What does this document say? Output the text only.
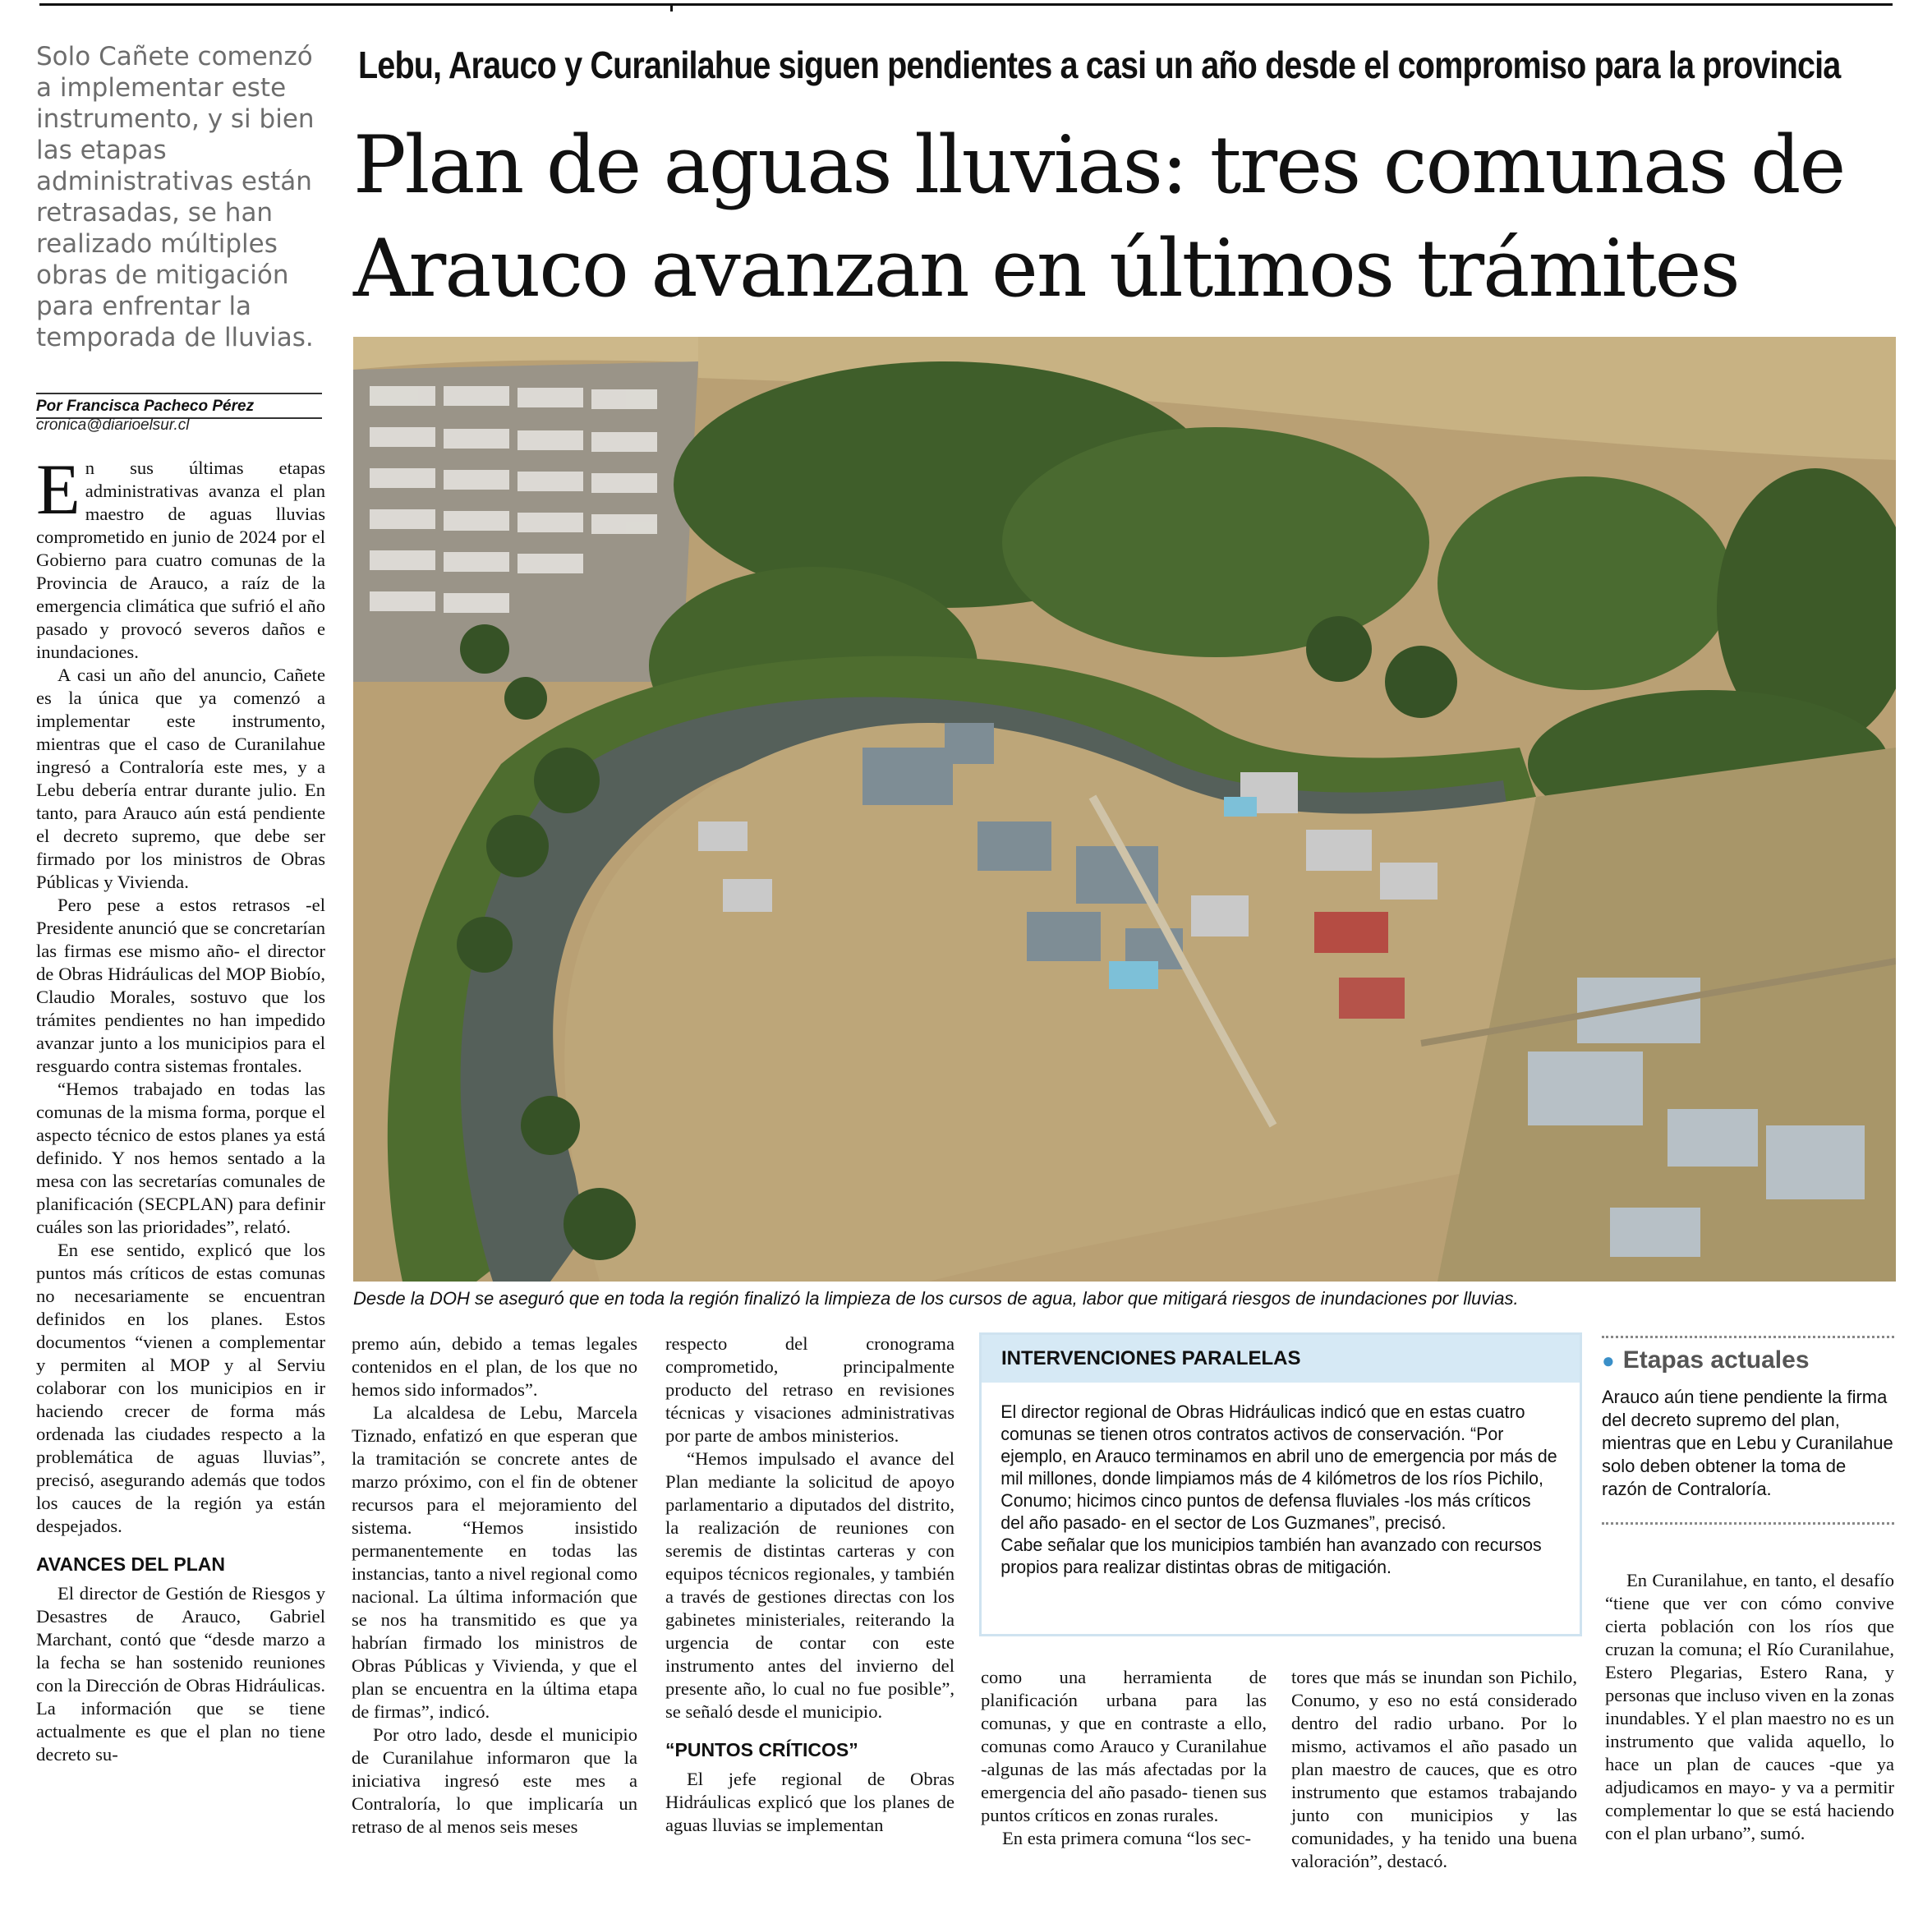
Solo Cañete comenzó a implementar este instrumento, y si bien las etapas administrativas están retrasadas, se han realizado múltiples obras de mitigación para enfrentar la temporada de lluvias.
Por Francisca Pacheco Pérez
cronica@diarioelsur.cl
Lebu, Arauco y Curanilahue siguen pendientes a casi un año desde el compromiso para la provincia
Plan de aguas lluvias: tres comunas de
Arauco avanzan en últimos trámites
Desde la DOH se aseguró que en toda la región finalizó la limpieza de los cursos de agua, labor que mitigará riesgos de inundaciones por lluvias.
E n sus últimas etapas administrativas avanza el plan maestro de aguas lluvias comprometido en junio de 2024 por el Gobierno para cuatro comunas de la Provincia de Arauco, a raíz de la emergencia climática que sufrió el año pasado y provocó severos daños e inundaciones.

A casi un año del anuncio, Cañete es la única que ya comenzó a implementar este instrumento, mientras que el caso de Curanilahue ingresó a Contraloría este mes, y a Lebu debería entrar durante julio. En tanto, para Arauco aún está pendiente el decreto supremo, que debe ser firmado por los ministros de Obras Públicas y Vivienda.

Pero pese a estos retrasos -el Presidente anunció que se concretarían las firmas ese mismo año- el director de Obras Hidráulicas del MOP Biobío, Claudio Morales, sostuvo que los trámites pendientes no han impedido avanzar junto a los municipios para el resguardo contra sistemas frontales.

“Hemos trabajado en todas las comunas de la misma forma, porque el aspecto técnico de estos planes ya está definido. Y nos hemos sentado a la mesa con las secretarías comunales de planificación (SECPLAN) para definir cuáles son las prioridades”, relató.

En ese sentido, explicó que los puntos más críticos de estas comunas no necesariamente se encuentran definidos en los planes. Estos documentos “vienen a complementar y permiten al MOP y al Serviu colaborar con los municipios en ir haciendo crecer de forma más ordenada las ciudades respecto a la problemática de aguas lluvias”, precisó, asegurando además que todos los cauces de la región ya están despejados.

AVANCES DEL PLAN

El director de Gestión de Riesgos y Desastres de Arauco, Gabriel Marchant, contó que “desde marzo a la fecha se han sostenido reuniones con la Dirección de Obras Hidráulicas. La información que se tiene actualmente es que el plan no tiene decreto su-

premo aún, debido a temas legales contenidos en el plan, de los que no hemos sido informados”.

La alcaldesa de Lebu, Marcela Tiznado, enfatizó en que esperan que la tramitación se concrete antes de marzo próximo, con el fin de obtener recursos para el mejoramiento del sistema. “Hemos insistido permanentemente en todas las instancias, tanto a nivel regional como nacional. La última información que se nos ha transmitido es que ya habrían firmado los ministros de Obras Públicas y Vivienda, y que el plan se encuentra en la última etapa de firmas”, indicó.

Por otro lado, desde el municipio de Curanilahue informaron que la iniciativa ingresó este mes a Contraloría, lo que implicaría un retraso de al menos seis meses

respecto del cronograma comprometido, principalmente producto del retraso en revisiones técnicas y visaciones administrativas por parte de ambos ministerios.

“Hemos impulsado el avance del Plan mediante la solicitud de apoyo parlamentario a diputados del distrito, la realización de reuniones con seremis de distintas carteras y con equipos técnicos regionales, y también a través de gestiones directas con los gabinetes ministeriales, reiterando la urgencia de contar con este instrumento antes del invierno del presente año, lo cual no fue posible”, se señaló desde el municipio.

“PUNTOS CRÍTICOS”

El jefe regional de Obras Hidráulicas explicó que los planes de aguas lluvias se implementan

INTERVENCIONES PARALELAS

El director regional de Obras Hidráulicas indicó que en estas cuatro comunas se tienen otros contratos activos de conservación. “Por ejemplo, en Arauco terminamos en abril uno de emergencia por más de mil millones, donde limpiamos más de 4 kilómetros de los ríos Pichilo, Conumo; hicimos cinco puntos de defensa fluviales -los más críticos del año pasado- en el sector de Los Guzmanes”, precisó.

Cabe señalar que los municipios también han avanzado con recursos propios para realizar distintas obras de mitigación.

como una herramienta de planificación urbana para las comunas, y que en contraste a ello, comunas como Arauco y Curanilahue -algunas de las más afectadas por la emergencia del año pasado- tienen sus puntos críticos en zonas rurales.

En esta primera comuna “los sec-

tores que más se inundan son Pichilo, Conumo, y eso no está considerado dentro del radio urbano. Por lo mismo, activamos el año pasado un plan maestro de cauces, que es otro instrumento que estamos trabajando junto con municipios y las comunidades, y ha tenido una buena valoración”, destacó.

● Etapas actuales
Arauco aún tiene pendiente la firma del decreto supremo del plan, mientras que en Lebu y Curanilahue solo deben obtener la toma de razón de Contraloría.

En Curanilahue, en tanto, el desafío “tiene que ver con cómo convive cierta población con los ríos que cruzan la comuna; el Río Curanilahue, Estero Plegarias, Estero Rana, y personas que incluso viven en la zonas inundables. Y el plan maestro no es un instrumento que valida aquello, lo hace un plan de cauces -que ya adjudicamos en mayo- y va a permitir complementar lo que se está haciendo con el plan urbano”, sumó.
